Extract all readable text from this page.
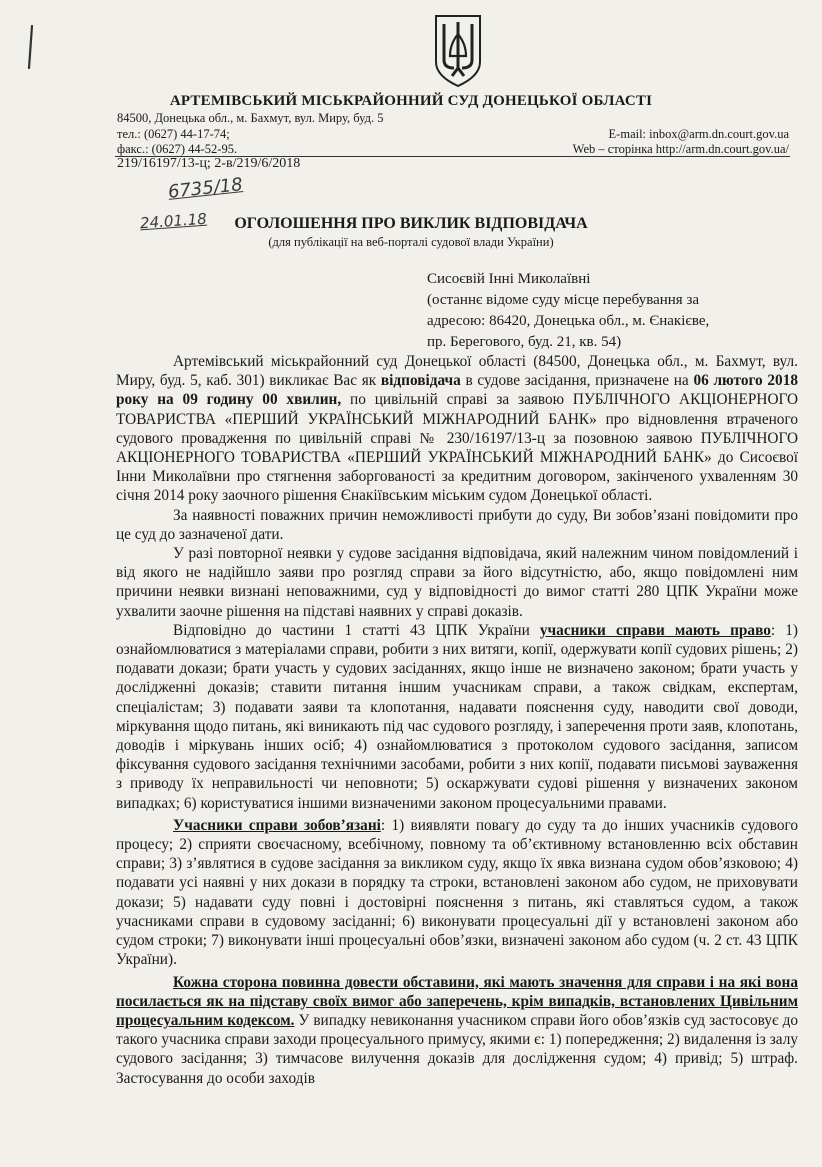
АРТЕМІВСЬКИЙ МІСЬКРАЙОННИЙ СУД ДОНЕЦЬКОЇ ОБЛАСТІ
84500, Донецька обл., м. Бахмут, вул. Миру, буд. 5
тел.: (0627) 44-17-74;
факс.: (0627) 44-52-95.
E-mail: inbox@arm.dn.court.gov.ua
Web – сторінка http://arm.dn.court.gov.ua/
219/16197/13-ц; 2-в/219/6/2018
6735/18
24.01.18	ОГОЛОШЕННЯ ПРО ВИКЛИК ВІДПОВІДАЧА
(для публікації на веб-порталі судової влади України)
Сисоєвій Інні Миколаївні
(останнє відоме суду місце перебування за
адресою: 86420, Донецька обл., м. Єнакієве,
пр. Берегового, буд. 21, кв. 54)

Артемівський міськрайонний суд Донецької області (84500, Донецька обл., м. Бахмут, вул. Миру, буд. 5, каб. 301) викликає Вас як відповідача в судове засідання, призначене на 06 лютого 2018 року на 09 годину 00 хвилин, по цивільній справі за заявою ПУБЛІЧНОГО АКЦІОНЕРНОГО ТОВАРИСТВА «ПЕРШИЙ УКРАЇНСЬКИЙ МІЖНАРОДНИЙ БАНК» про відновлення втраченого судового провадження по цивільній справі № 230/16197/13-ц за позовною заявою ПУБЛІЧНОГО АКЦІОНЕРНОГО ТОВАРИСТВА «ПЕРШИЙ УКРАЇНСЬКИЙ МІЖНАРОДНИЙ БАНК» до Сисоєвої Інни Миколаївни про стягнення заборгованості за кредитним договором, закінченого ухваленням 30 січня 2014 року заочного рішення Єнакіївським міським судом Донецької області.

За наявності поважних причин неможливості прибути до суду, Ви зобов’язані повідомити про це суд до зазначеної дати.

У разі повторної неявки у судове засідання відповідача, який належним чином повідомлений і від якого не надійшло заяви про розгляд справи за його відсутністю, або, якщо повідомлені ним причини неявки визнані неповажними, суд у відповідності до вимог статті 280 ЦПК України може ухвалити заочне рішення на підставі наявних у справі доказів.

Відповідно до частини 1 статті 43 ЦПК України учасники справи мають право: 1) ознайомлюватися з матеріалами справи, робити з них витяги, копії, одержувати копії судових рішень; 2) подавати докази; брати участь у судових засіданнях, якщо інше не визначено законом; брати участь у дослідженні доказів; ставити питання іншим учасникам справи, а також свідкам, експертам, спеціалістам; 3) подавати заяви та клопотання, надавати пояснення суду, наводити свої доводи, міркування щодо питань, які виникають під час судового розгляду, і заперечення проти заяв, клопотань, доводів і міркувань інших осіб; 4) ознайомлюватися з протоколом судового засідання, записом фіксування судового засідання технічними засобами, робити з них копії, подавати письмові зауваження з приводу їх неправильності чи неповноти; 5) оскаржувати судові рішення у визначених законом випадках; 6) користуватися іншими визначеними законом процесуальними правами.

Учасники справи зобов’язані: 1) виявляти повагу до суду та до інших учасників судового процесу; 2) сприяти своєчасному, всебічному, повному та об’єктивному встановленню всіх обставин справи; 3) з’являтися в судове засідання за викликом суду, якщо їх явка визнана судом обов’язковою; 4) подавати усі наявні у них докази в порядку та строки, встановлені законом або судом, не приховувати докази; 5) надавати суду повні і достовірні пояснення з питань, які ставляться судом, а також учасниками справи в судовому засіданні; 6) виконувати процесуальні дії у встановлені законом або судом строки; 7) виконувати інші процесуальні обов’язки, визначені законом або судом (ч. 2 ст. 43 ЦПК України).

Кожна сторона повинна довести обставини, які мають значення для справи і на які вона посилається як на підставу своїх вимог або заперечень, крім випадків, встановлених Цивільним процесуальним кодексом. У випадку невиконання учасником справи його обов’язків суд застосовує до такого учасника справи заходи процесуального примусу, якими є: 1) попередження; 2) видалення із залу судового засідання; 3) тимчасове вилучення доказів для дослідження судом; 4) привід; 5) штраф. Застосування до особи заходів
